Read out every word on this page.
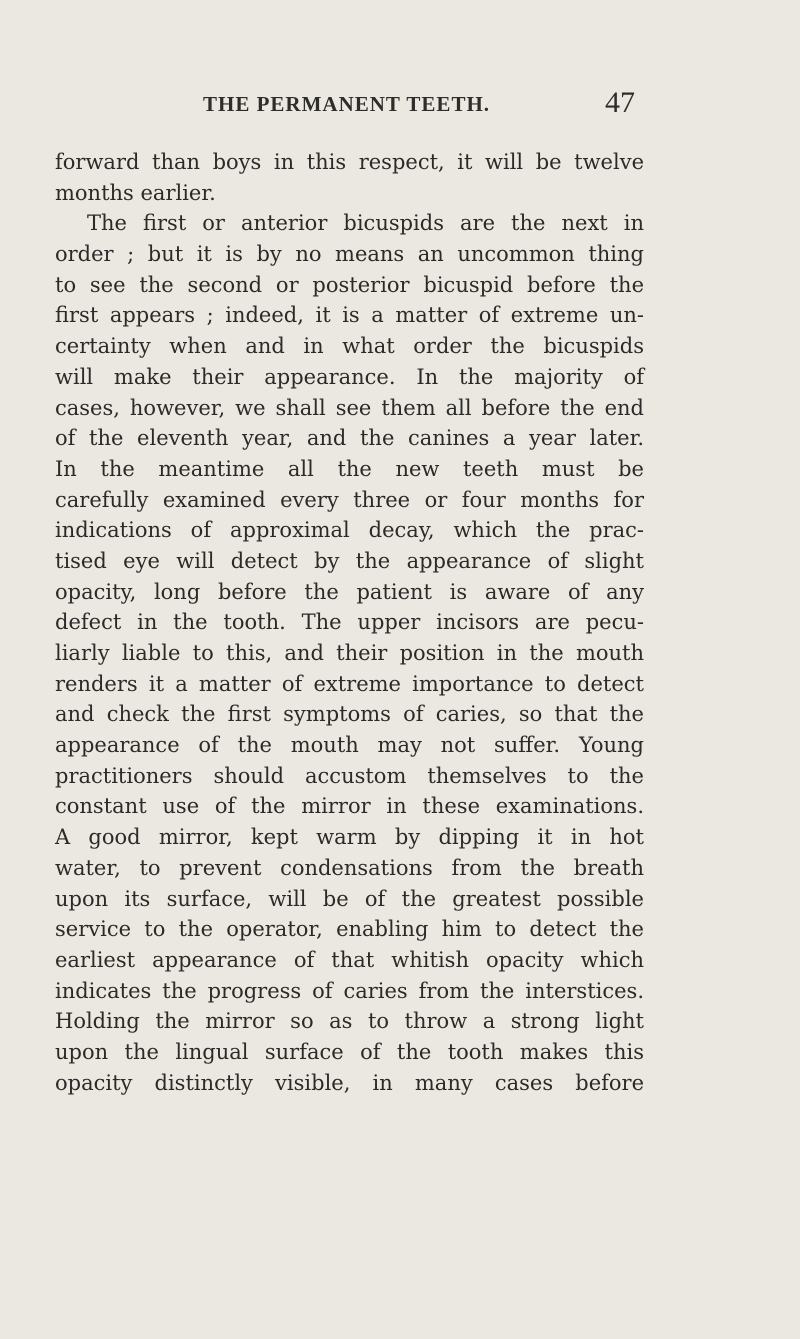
THE PERMANENT TEETH.	47
forward than boys in this respect, it will be twelve
months earlier.
The first or anterior bicuspids are the next in
order ; but it is by no means an uncommon thing
to see the second or posterior bicuspid before the
first appears ; indeed, it is a matter of extreme un-
certainty when and in what order the bicuspids
will make their appearance. In the majority of
cases, however, we shall see them all before the end
of the eleventh year, and the canines a year later.
In the meantime all the new teeth must be
carefully examined every three or four months for
indications of approximal decay, which the prac-
tised eye will detect by the appearance of slight
opacity, long before the patient is aware of any
defect in the tooth. The upper incisors are pecu-
liarly liable to this, and their position in the mouth
renders it a matter of extreme importance to detect
and check the first symptoms of caries, so that the
appearance of the mouth may not suffer. Young
practitioners should accustom themselves to the
constant use of the mirror in these examinations.
A good mirror, kept warm by dipping it in hot
water, to prevent condensations from the breath
upon its surface, will be of the greatest possible
service to the operator, enabling him to detect the
earliest appearance of that whitish opacity which
indicates the progress of caries from the interstices.
Holding the mirror so as to throw a strong light
upon the lingual surface of the tooth makes this
opacity distinctly visible, in many cases before
